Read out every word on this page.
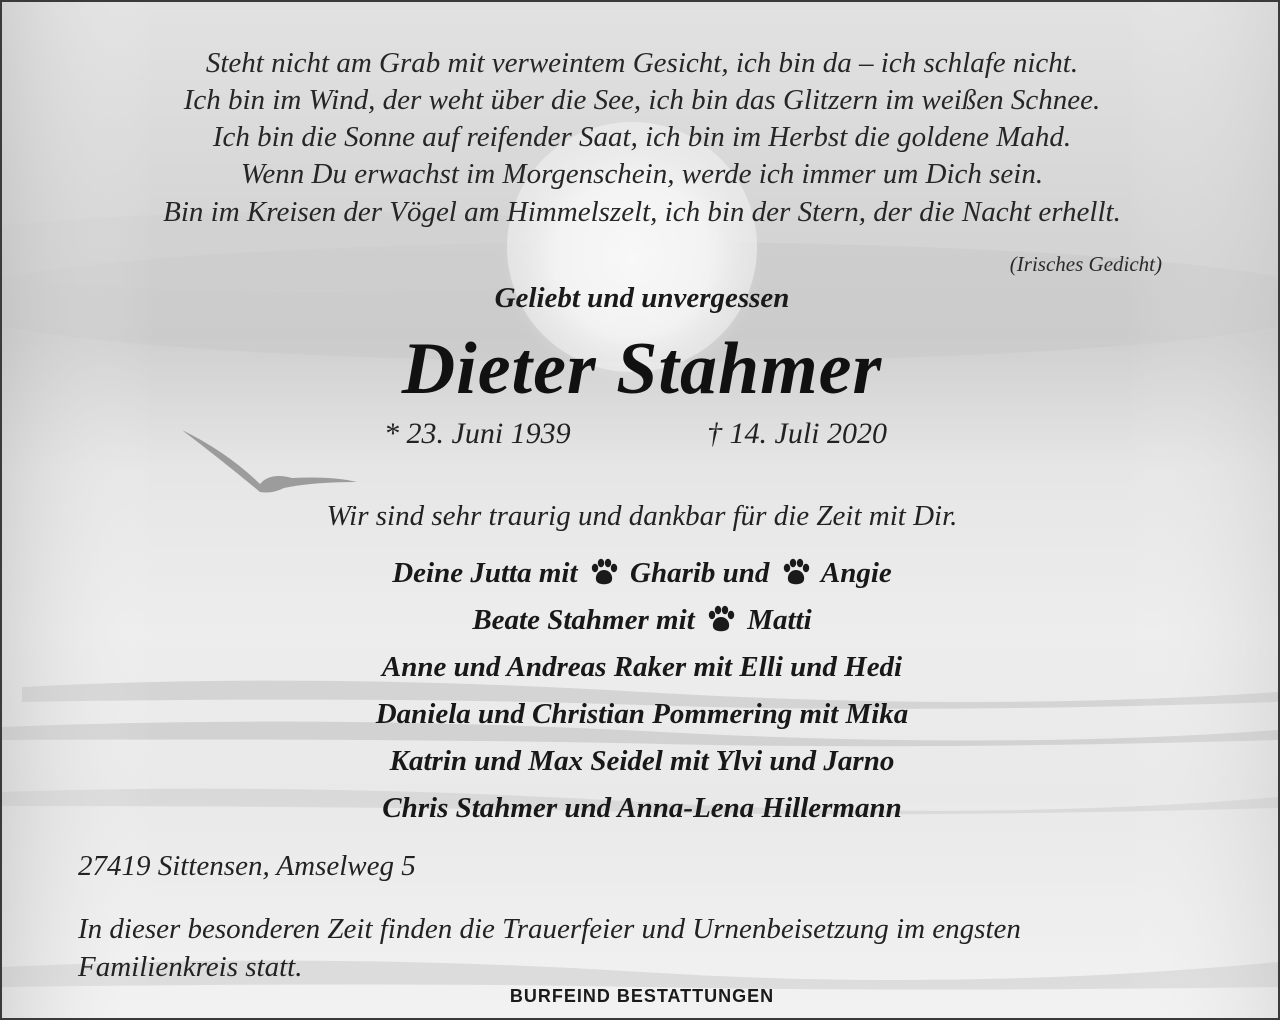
Steht nicht am Grab mit verweintem Gesicht, ich bin da – ich schlafe nicht.
Ich bin im Wind, der weht über die See, ich bin das Glitzern im weißen Schnee.
Ich bin die Sonne auf reifender Saat, ich bin im Herbst die goldene Mahd.
Wenn Du erwachst im Morgenschein, werde ich immer um Dich sein.
Bin im Kreisen der Vögel am Himmelszelt, ich bin der Stern, der die Nacht erhellt.
(Irisches Gedicht)
Geliebt und unvergessen
Dieter Stahmer
* 23. Juni 1939	† 14. Juli 2020
Wir sind sehr traurig und dankbar für die Zeit mit Dir.
Deine Jutta mit Gharib und Angie
Beate Stahmer mit Matti
Anne und Andreas Raker mit Elli und Hedi
Daniela und Christian Pommering mit Mika
Katrin und Max Seidel mit Ylvi und Jarno
Chris Stahmer und Anna-Lena Hillermann
27419 Sittensen, Amselweg 5
In dieser besonderen Zeit finden die Trauerfeier und Urnenbeisetzung im engsten Familienkreis statt.
BURFEIND BESTATTUNGEN
